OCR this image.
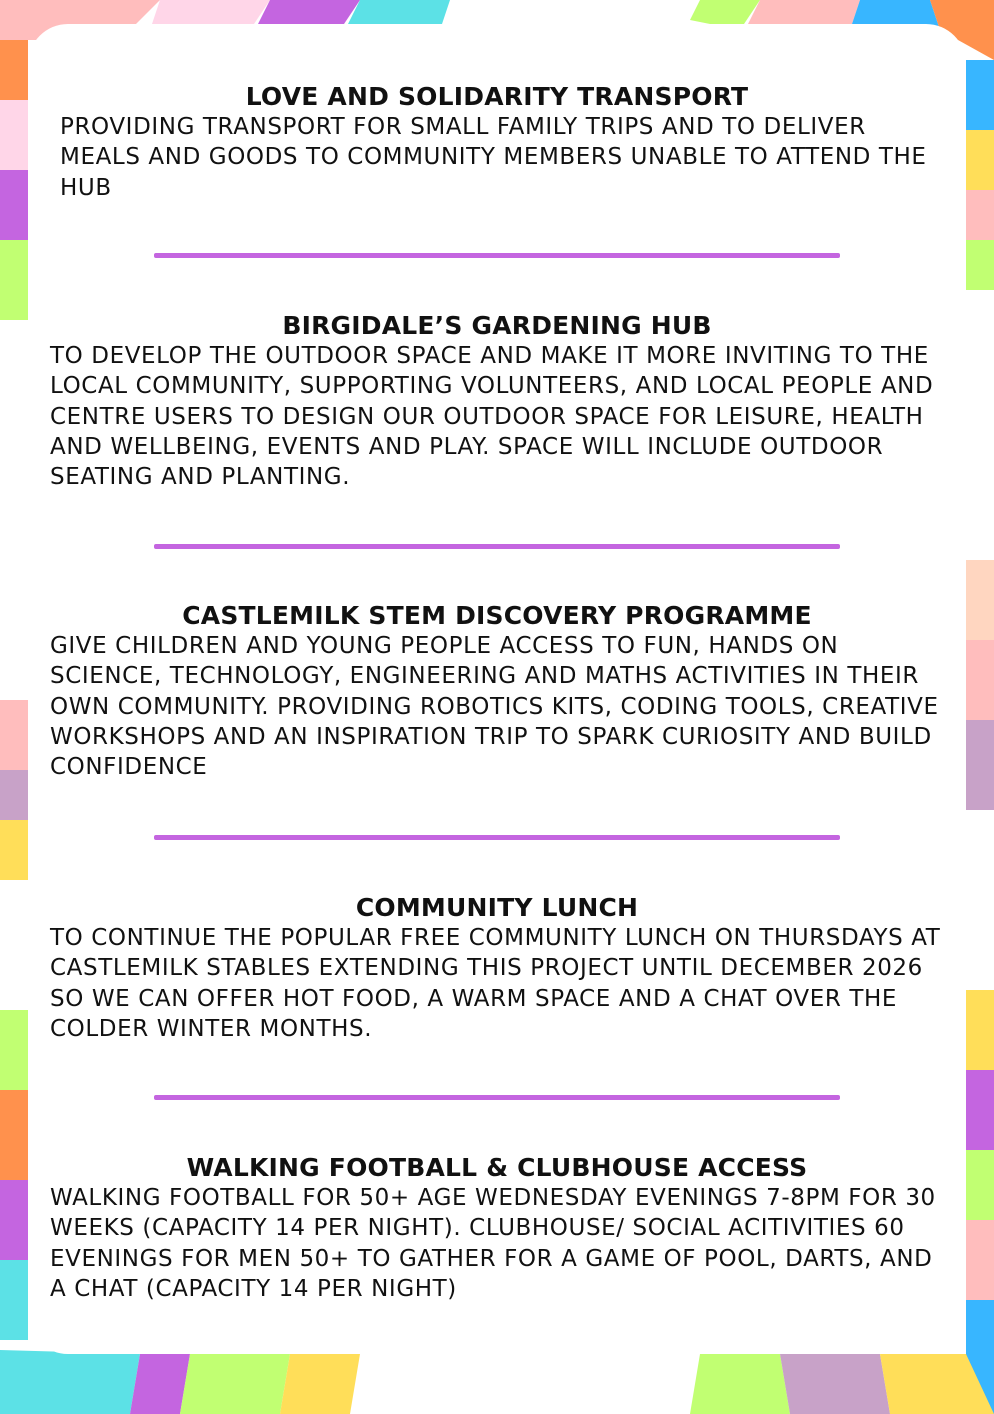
LOVE AND SOLIDARITY TRANSPORT

PROVIDING TRANSPORT FOR SMALL FAMILY TRIPS AND TO DELIVER MEALS AND GOODS TO COMMUNITY MEMBERS UNABLE TO ATTEND THE HUB

BIRGIDALE’S GARDENING HUB

TO DEVELOP THE OUTDOOR SPACE AND MAKE IT MORE INVITING TO THE LOCAL COMMUNITY, SUPPORTING VOLUNTEERS, AND LOCAL PEOPLE AND CENTRE USERS TO DESIGN OUR OUTDOOR SPACE FOR LEISURE, HEALTH AND WELLBEING, EVENTS AND PLAY. SPACE WILL INCLUDE OUTDOOR SEATING AND PLANTING.

CASTLEMILK STEM DISCOVERY PROGRAMME

GIVE CHILDREN AND YOUNG PEOPLE ACCESS TO FUN, HANDS ON SCIENCE, TECHNOLOGY, ENGINEERING AND MATHS ACTIVITIES IN THEIR OWN COMMUNITY. PROVIDING ROBOTICS KITS, CODING TOOLS, CREATIVE WORKSHOPS AND AN INSPIRATION TRIP TO SPARK CURIOSITY AND BUILD CONFIDENCE

COMMUNITY LUNCH

TO CONTINUE THE POPULAR FREE COMMUNITY LUNCH ON THURSDAYS AT CASTLEMILK STABLES EXTENDING THIS PROJECT UNTIL DECEMBER 2026 SO WE CAN OFFER HOT FOOD, A WARM SPACE AND A CHAT OVER THE COLDER WINTER MONTHS.

WALKING FOOTBALL & CLUBHOUSE ACCESS

WALKING FOOTBALL FOR 50+ AGE WEDNESDAY EVENINGS 7-8PM FOR 30 WEEKS (CAPACITY 14 PER NIGHT). CLUBHOUSE/ SOCIAL ACITIVITIES 60 EVENINGS FOR MEN 50+ TO GATHER FOR A GAME OF POOL, DARTS, AND A CHAT (CAPACITY 14 PER NIGHT)
